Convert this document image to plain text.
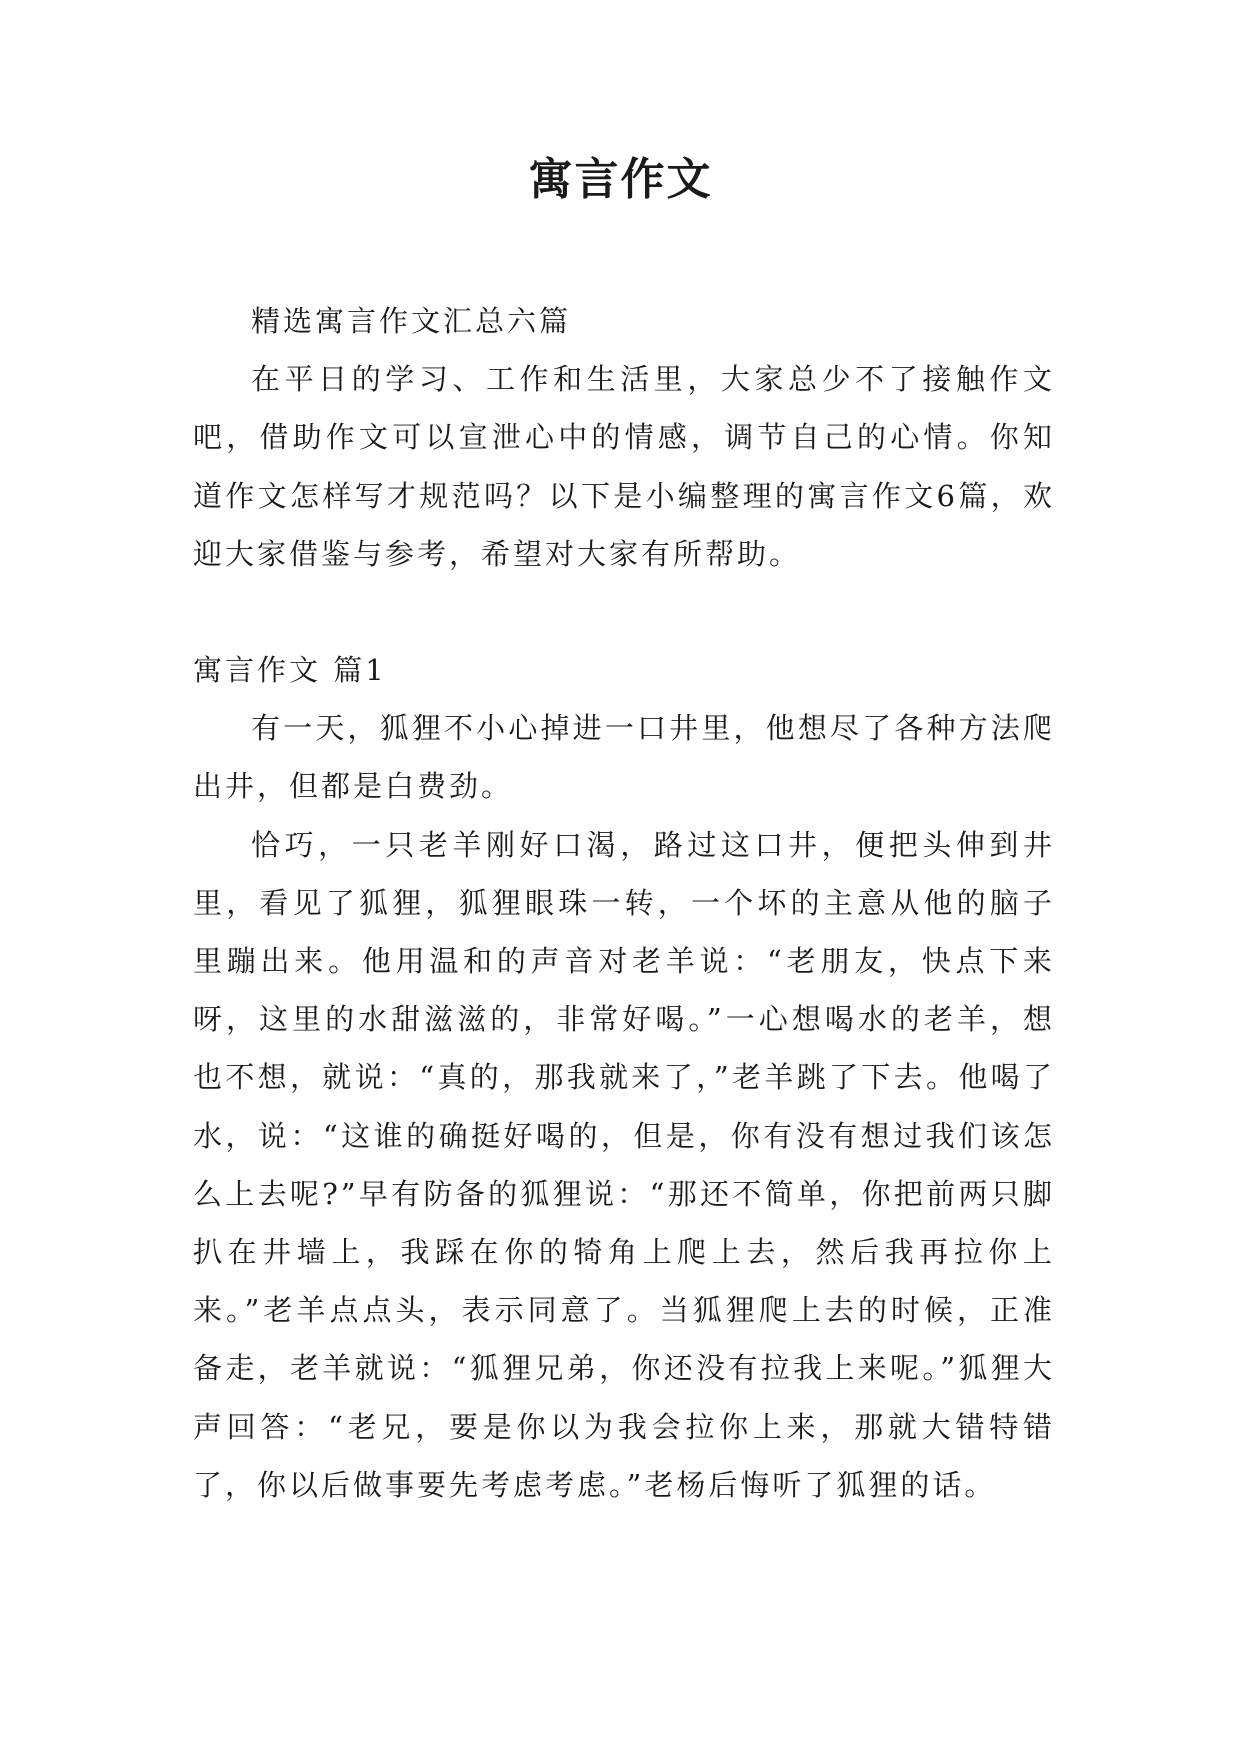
寓言作文

精选寓言作文汇总六篇

在平日的学习、工作和生活里，大家总少不了接触作文吧，借助作文可以宣泄心中的情感，调节自己的心情。你知道作文怎样写才规范吗？以下是小编整理的寓言作文6篇，欢迎大家借鉴与参考，希望对大家有所帮助。

寓言作文 篇1

有一天，狐狸不小心掉进一口井里，他想尽了各种方法爬出井，但都是白费劲。

恰巧，一只老羊刚好口渴，路过这口井，便把头伸到井里，看见了狐狸，狐狸眼珠一转，一个坏的主意从他的脑子里蹦出来。他用温和的声音对老羊说：“老朋友，快点下来呀，这里的水甜滋滋的，非常好喝。”一心想喝水的老羊，想也不想，就说：“真的，那我就来了，”老羊跳了下去。他喝了水，说：“这谁的确挺好喝的，但是，你有没有想过我们该怎么上去呢?”早有防备的狐狸说：“那还不简单，你把前两只脚扒在井墙上，我踩在你的犄角上爬上去，然后我再拉你上来。”老羊点点头，表示同意了。当狐狸爬上去的时候，正准备走，老羊就说：“狐狸兄弟，你还没有拉我上来呢。”狐狸大声回答：“老兄，要是你以为我会拉你上来，那就大错特错了，你以后做事要先考虑考虑。”老杨后悔听了狐狸的话。
